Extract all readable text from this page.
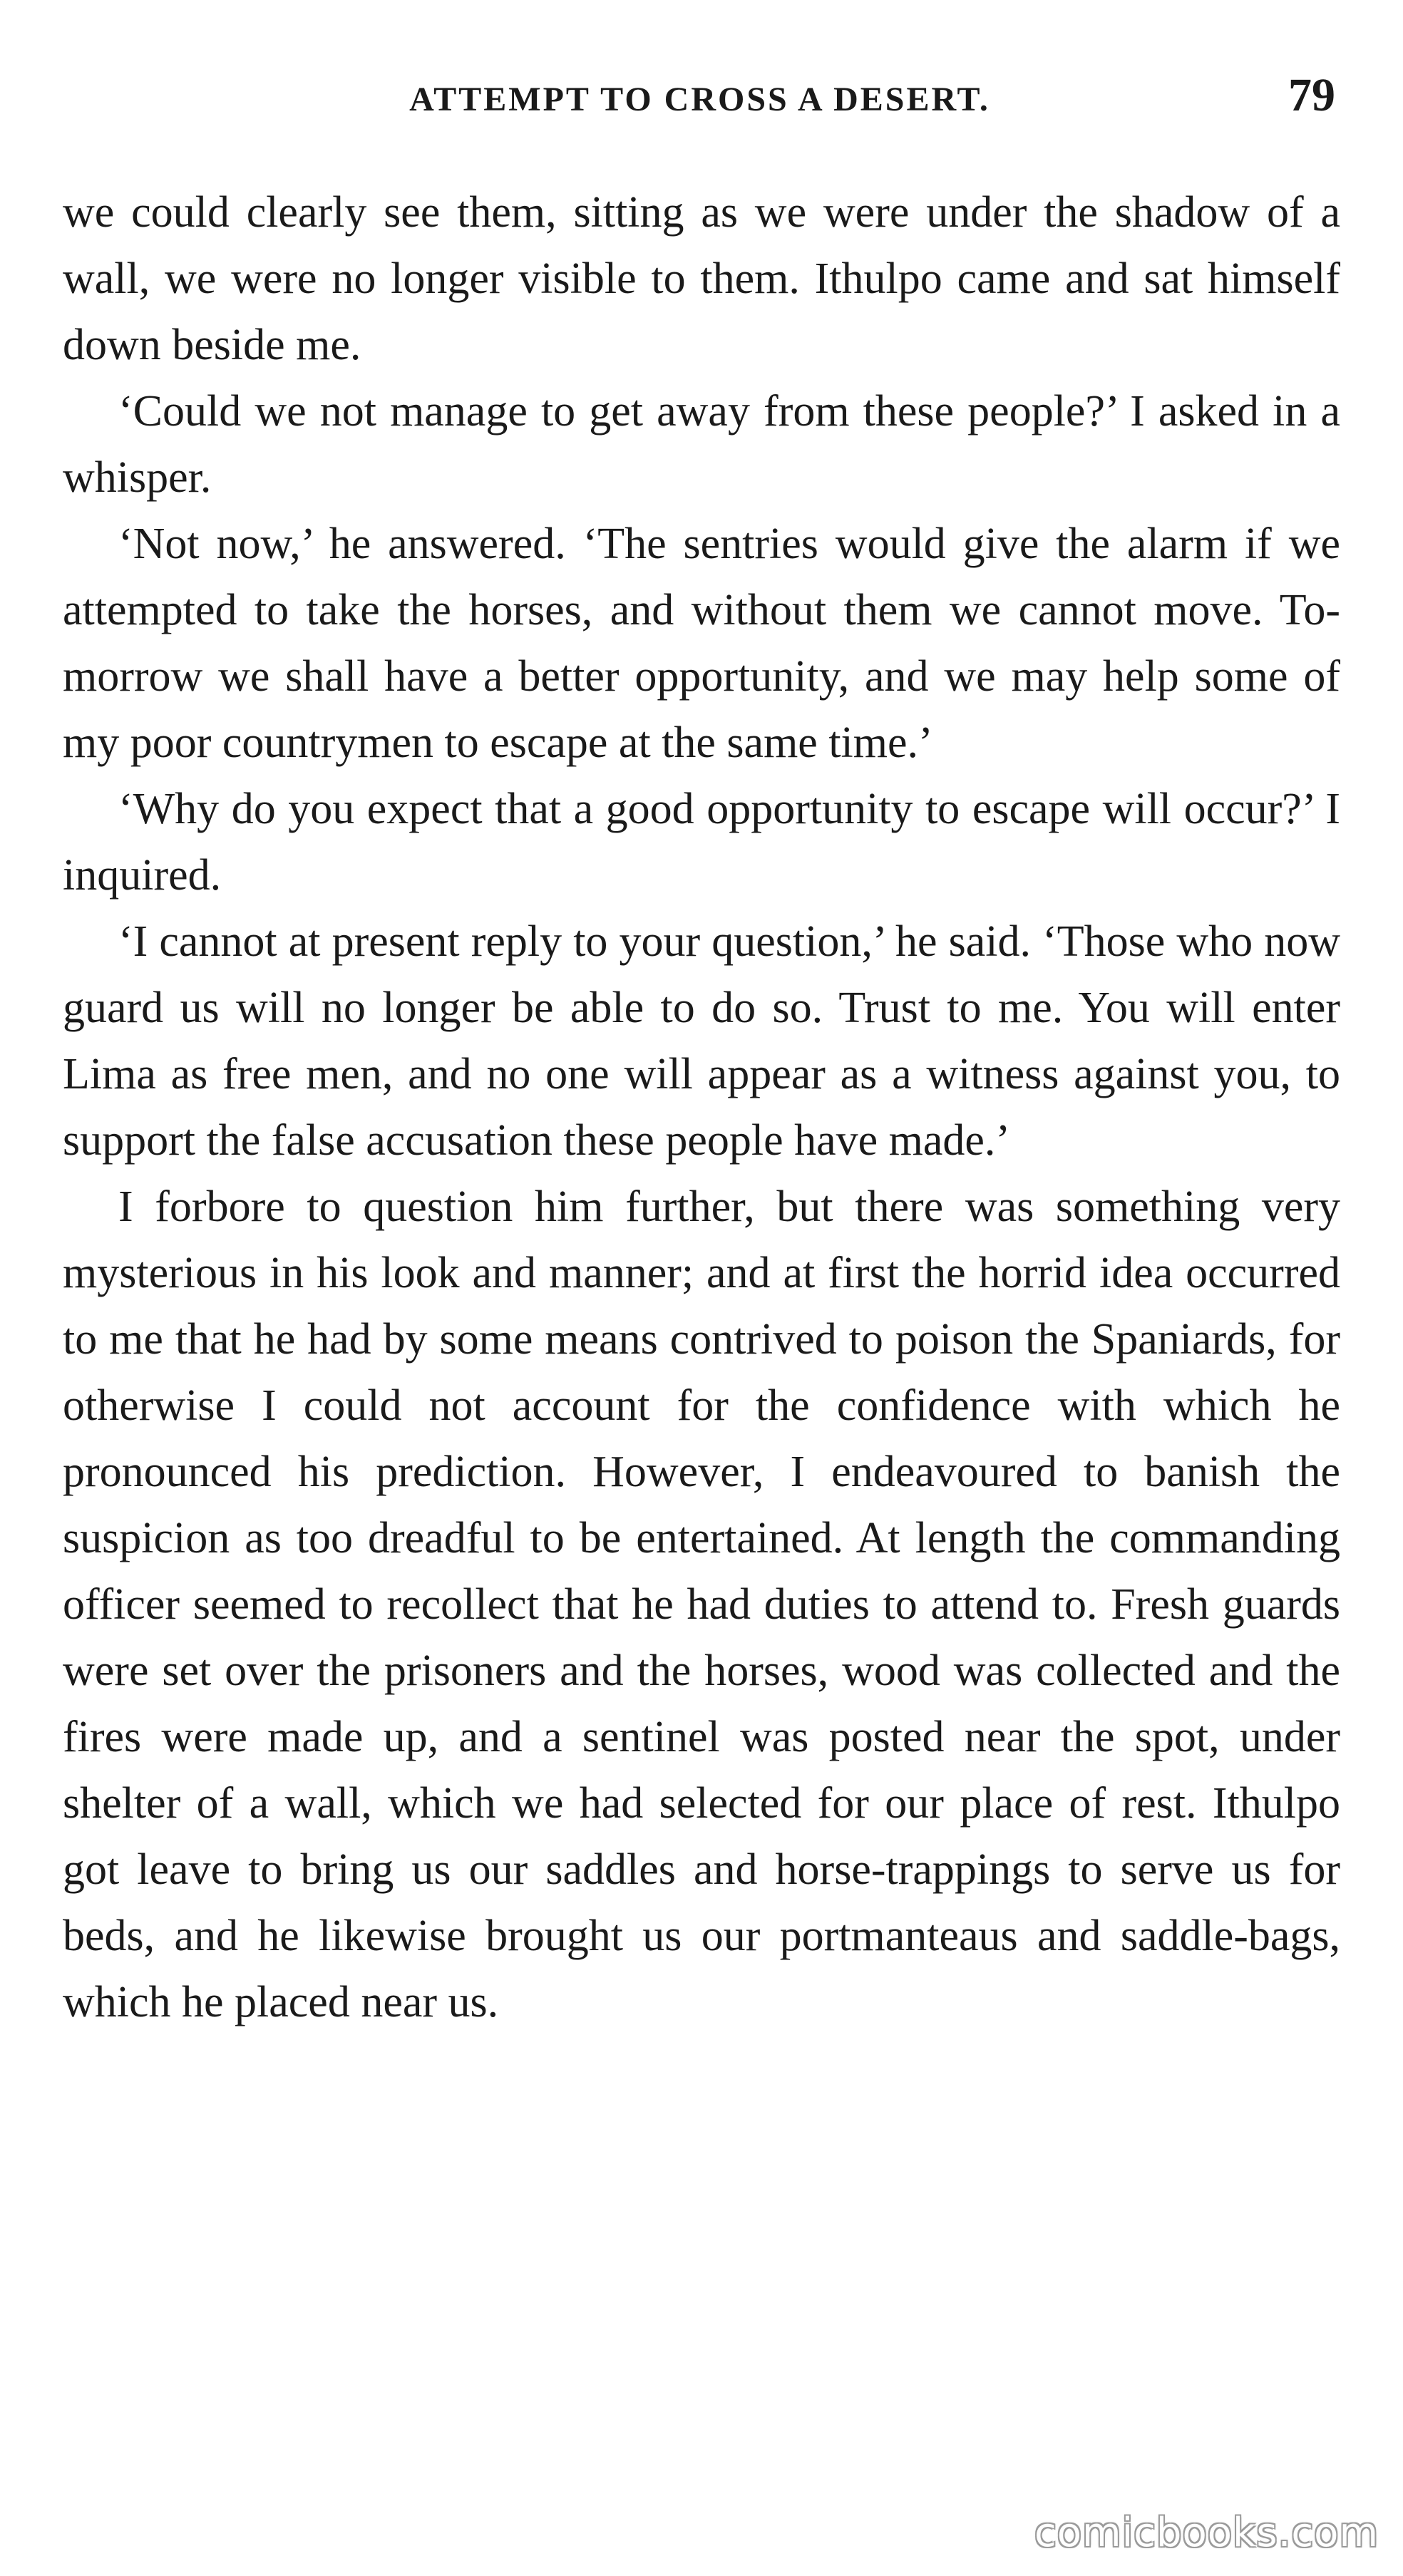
ATTEMPT TO CROSS A DESERT.	79

we could clearly see them, sitting as we were under the shadow of a wall, we were no longer visible to them. Ithulpo came and sat himself down beside me.

‘Could we not manage to get away from these people?’ I asked in a whisper.

‘Not now,’ he answered. ‘The sentries would give the alarm if we attempted to take the horses, and without them we cannot move. To-morrow we shall have a better opportunity, and we may help some of my poor countrymen to escape at the same time.’

‘Why do you expect that a good opportunity to escape will occur?’ I inquired.

‘I cannot at present reply to your question,’ he said. ‘Those who now guard us will no longer be able to do so. Trust to me. You will enter Lima as free men, and no one will appear as a witness against you, to support the false accusation these people have made.’

I forbore to question him further, but there was something very mysterious in his look and manner; and at first the horrid idea occurred to me that he had by some means contrived to poison the Spaniards, for otherwise I could not account for the confidence with which he pronounced his prediction. However, I endeavoured to banish the suspicion as too dreadful to be entertained. At length the commanding officer seemed to recollect that he had duties to attend to. Fresh guards were set over the prisoners and the horses, wood was collected and the fires were made up, and a sentinel was posted near the spot, under shelter of a wall, which we had selected for our place of rest. Ithulpo got leave to bring us our saddles and horse-trappings to serve us for beds, and he likewise brought us our portmanteaus and saddle-bags, which he placed near us.

comicbooks.com
